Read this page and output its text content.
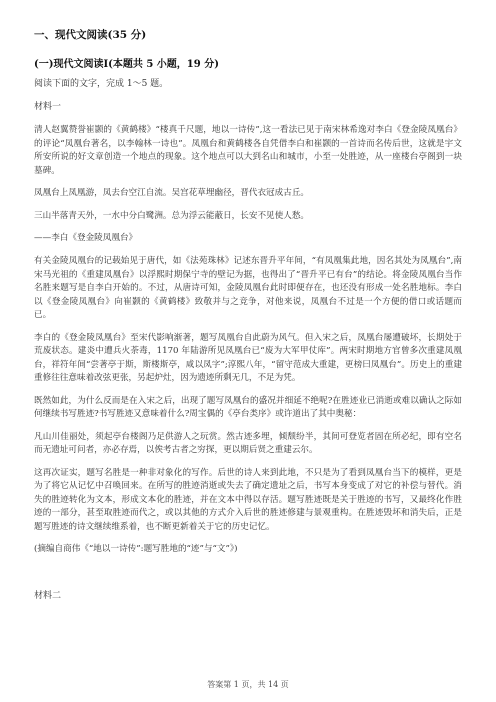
一、现代文阅读(35 分)
(一)现代文阅读Ⅰ(本题共 5 小题，19 分)
阅读下面的文字，完成 1～5 题。
材料一
清人赵翼赞誉崔颢的《黄鹤楼》“楼真千尺题，地以一诗传”,这一看法已见于南宋林希逸对李白《登金陵凤凰台》的评论“凤凰台著名，以李翰林一诗也”。凤凰台和黄鹤楼各自凭借李白和崔颢的一首诗而名传后世，这就是宇文所安所说的好文章创造一个地点的现象。这个地点可以大到名山和城市，小至一处胜迹，从一座楼台亭阁到一块墓碑。
凤凰台上凤凰游，凤去台空江自流。吴宫花草埋幽径，晋代衣冠成古丘。
三山半落青天外，一水中分白鹭洲。总为浮云能蔽日，长安不见使人愁。
——李白《登金陵凤凰台》
有关金陵凤凰台的记载始见于唐代，如《法苑珠林》记述东晋升平年间，“有凤凰集此地，因名其处为凤凰台”,南宋马光祖的《重建凤凰台》以浮熙时期保宁寺的壁记为据，也得出了“晋升平已有台”的结论。将金陵凤凰台当作名胜来题写是自李白开始的。不过，从唐诗可知，金陵凤凰台此时即便存在，也还没有形成一处名胜地标。李白以《登金陵凤凰台》向崔颢的《黄鹤楼》致敬并与之竞争，对他来说，凤凰台不过是一个方便的借口或话题而已。
李白的《登金陵凤凰台》至宋代影响渐著，题写凤凰台自此蔚为风气。但入宋之后，凤凰台屡遭破坏，长期处于荒废状态。建炎中遭兵火荼毒，1170 年陆游所见凤凰台已“废为大军甲仗库”。两宋时期地方官曾多次重建凤凰台，祥符年间“尝著亭于斯，斯楼斯亭，咸以凤字”;淳熙八年，“留守范成大重建，更榜曰凤凰台”。历史上的重建重修往往意味着改弦更张，另起炉灶，因为遗迹所剩无几，不足为凭。
既然如此，为什么反而是在入宋之后，出现了题写凤凰台的盛况并细延不绝呢?在胜迹业已消逝或难以确认之际如何继续书写胜迹?书写胜迹又意味着什么?周宝偶的《亭台类序》或许道出了其中奥秘：
凡山川佳丽处，须起亭台楼阁乃足供游人之玩赏。然古迹多埋，倾颓纷半，其间可登览者固在所必纪，即有空名而无遗址可问者，亦必存焉，以俟考古者之穷探，更以期后贤之重建云尔。
这再次证实，题写名胜是一种非对象化的写作。后世的诗人来到此地，不只是为了看到凤凰台当下的模样，更是为了将它从记忆中召唤回来。在所写的胜迹消逝或失去了确定遗址之后，书写本身变成了对它的补偿与替代。消失的胜迹转化为文本，形成文本化的胜迹，并在文本中得以存活。题写胜迹既是关于胜迹的书写，又最终化作胜迹的一部分，甚至取胜迹而代之，或以其他的方式介入后世的胜迹修建与景观重构。在胜迹毁坏和消失后，正是题写胜迹的诗文继续维系着，也不断更新着关于它的历史记忆。
(摘编自商伟《“地以一诗传”:题写胜地的“迹”与“文”》)
材料二
答案第 1 页，共 14 页
